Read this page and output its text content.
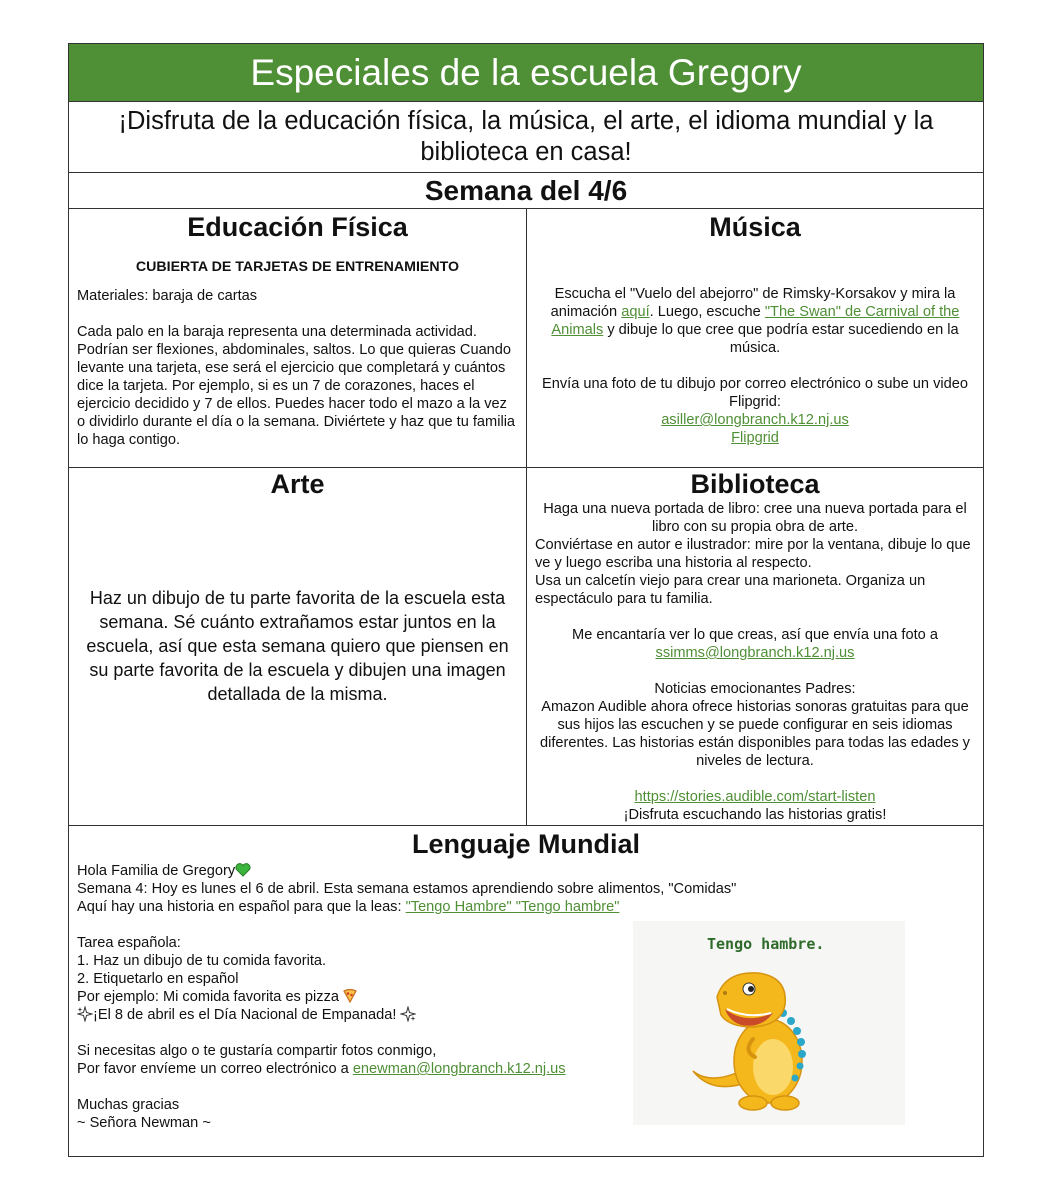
Especiales de la escuela Gregory
¡Disfruta de la educación física, la música, el arte, el idioma mundial y la biblioteca en casa!
Semana del 4/6
Educación Física
CUBIERTA DE TARJETAS DE ENTRENAMIENTO
Materiales: baraja de cartas
Cada palo en la baraja representa una determinada actividad. Podrían ser flexiones, abdominales, saltos. Lo que quieras Cuando levante una tarjeta, ese será el ejercicio que completará y cuántos dice la tarjeta. Por ejemplo, si es un 7 de corazones, haces el ejercicio decidido y 7 de ellos. Puedes hacer todo el mazo a la vez o dividirlo durante el día o la semana. Diviértete y haz que tu familia lo haga contigo.
Música
Escucha el "Vuelo del abejorro" de Rimsky-Korsakov y mira la animación aquí. Luego, escuche "The Swan" de Carnival of the Animals y dibuje lo que cree que podría estar sucediendo en la música.
Envía una foto de tu dibujo por correo electrónico o sube un video Flipgrid:
asiller@longbranch.k12.nj.us
Flipgrid
Arte
Haz un dibujo de tu parte favorita de la escuela esta semana. Sé cuánto extrañamos estar juntos en la escuela, así que esta semana quiero que piensen en su parte favorita de la escuela y dibujen una imagen detallada de la misma.
Biblioteca
Haga una nueva portada de libro: cree una nueva portada para el libro con su propia obra de arte.
Conviértase en autor e ilustrador: mire por la ventana, dibuje lo que ve y luego escriba una historia al respecto.
Usa un calcetín viejo para crear una marioneta. Organiza un espectáculo para tu familia.
Me encantaría ver lo que creas, así que envía una foto a
ssimms@longbranch.k12.nj.us
Noticias emocionantes Padres:
Amazon Audible ahora ofrece historias sonoras gratuitas para que sus hijos las escuchen y se puede configurar en seis idiomas diferentes. Las historias están disponibles para todas las edades y niveles de lectura.
https://stories.audible.com/start-listen
¡Disfruta escuchando las historias gratis!
Lenguaje Mundial
Hola Familia de Gregory
Semana 4: Hoy es lunes el 6 de abril. Esta semana estamos aprendiendo sobre alimentos, "Comidas"
Aquí hay una historia en español para que la leas: "Tengo Hambre" "Tengo hambre"
Tarea española:
1. Haz un dibujo de tu comida favorita.
2. Etiquetarlo en español
Por ejemplo: Mi comida favorita es pizza
¡El 8 de abril es el Día Nacional de Empanada!
Si necesitas algo o te gustaría compartir fotos conmigo,
Por favor envíeme un correo electrónico a enewman@longbranch.k12.nj.us
Muchas gracias
~ Señora Newman ~
Tengo hambre.
